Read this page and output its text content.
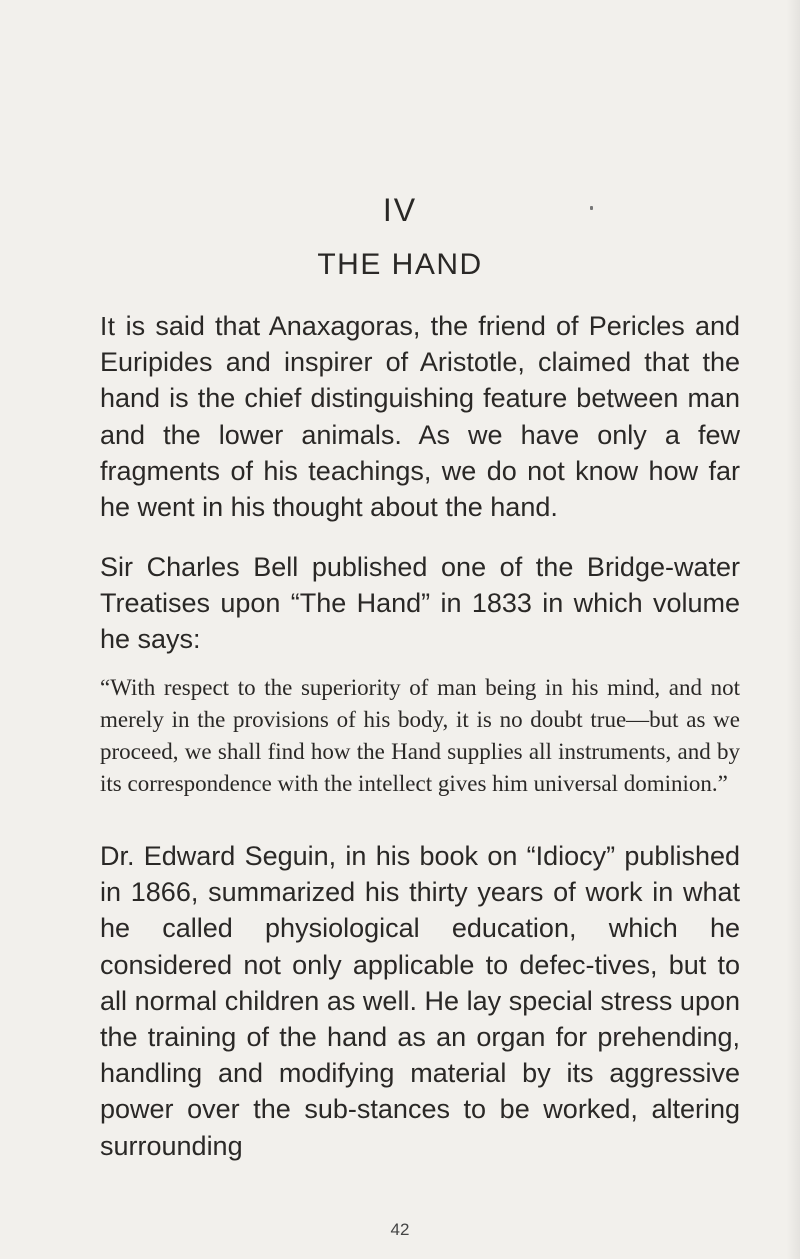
IV
THE HAND

It is said that Anaxagoras, the friend of Pericles and Euripides and inspirer of Aristotle, claimed that the hand is the chief distinguishing feature between man and the lower animals. As we have only a few fragments of his teachings, we do not know how far he went in his thought about the hand.

Sir Charles Bell published one of the Bridge-water Treatises upon “The Hand” in 1833 in which volume he says:

“With respect to the superiority of man being in his mind, and not merely in the provisions of his body, it is no doubt true—but as we proceed, we shall find how the Hand supplies all instruments, and by its correspondence with the intellect gives him universal dominion.”

Dr. Edward Seguin, in his book on “Idiocy” published in 1866, summarized his thirty years of work in what he called physiological education, which he considered not only applicable to defec-tives, but to all normal children as well. He lay special stress upon the training of the hand as an organ for prehending, handling and modifying material by its aggressive power over the sub-stances to be worked, altering surrounding

42
